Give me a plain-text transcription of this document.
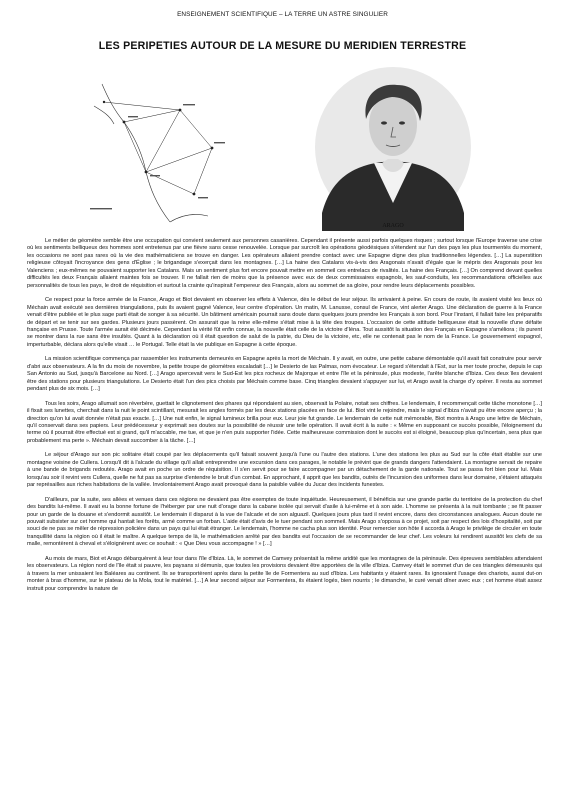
ENSEIGNEMENT SCIENTIFIQUE – LA TERRE UN ASTRE SINGULIER
LES PERIPETIES AUTOUR DE LA MESURE DU MERIDIEN TERRESTRE
ARAGO

Le métier de géomètre semble être une occupation qui convient seulement aux personnes casanières. Cependant il présente aussi parfois quelques risques ; surtout lorsque l'Europe traverse une crise où les sentiments belliqueux des hommes sont entretenus par une fièvre sans cesse renouvelée. Lorsque par surcroît les opérations géodésiques s'étendent sur l'un des pays les plus tourmentés du moment, les occasions ne sont pas rares où la vie des mathématiciens se trouve en danger. Les opérateurs allaient prendre contact avec une Espagne digne des plus traditionnelles légendes. […] La superstition religieuse côtoyait l'incroyance des gens d'Église ; le brigandage s'exerçait dans les montagnes. […] La haine des Catalans vis-à-vis des Aragonais n'avait d'égale que le mépris des Aragonais pour les Valenciens ; eux-mêmes ne pouvaient supporter les Catalans. Mais un sentiment plus fort encore pouvait mettre en sommeil ces entrelacs de rivalités. La haine des Français. […] On comprend devant quelles difficultés les deux Français allaient maintes fois se trouver. Il ne fallait rien de moins que la présence avec eux de deux commissaires espagnols, les sauf-conduits, les recommandations officielles aux personnalités de tous les pays, le droit de réquisition et surtout la crainte qu'inspirait l'empereur des Français, alors au sommet de sa gloire, pour rendre leurs déplacements possibles.

Ce respect pour la force armée de la France, Arago et Biot devaient en observer les effets à Valence, dès le début de leur séjour. Ils arrivaient à peine. En cours de route, ils avaient visité les lieux où Méchain avait exécuté ses dernières triangulations, puis ils avaient gagné Valence, leur centre d'opération. Un matin, M. Lanusse, consul de France, vint alerter Arago. Une déclaration de guerre à la France venait d'être publiée et le plus sage parti était de songer à sa sécurité. Un bâtiment américain pourrait sans doute dans quelques jours prendre les Français à son bord. Pour l'instant, il fallait faire les préparatifs de départ et se tenir sur ses gardes. Plusieurs jours passèrent. On assurait que la reine elle-même s'était mise à la tête des troupes. L'occasion de cette attitude belliqueuse était la nouvelle d'une défaite française en Prusse. Toute l'armée aurait été décimée. Cependant la vérité fût enfin connue, la nouvelle était celle de la victoire d'Iéna. Tout aussitôt la situation des Français en Espagne s'améliora ; ils purent se montrer dans la rue sans être insultés. Quant à la déclaration où il était question de salut de la patrie, du Dieu de la victoire, etc, elle ne contenait pas le nom de la France. Le gouvernement espagnol, imperturbable, déclara alors qu'elle visait … le Portugal. Telle était la vie publique en Espagne à cette époque.

La mission scientifique commença par rassembler les instruments demeurés en Espagne après la mort de Méchain. Il y avait, en outre, une petite cabane démontable qu'il avait fait construire pour servir d'abri aux observateurs. A la fin du mois de novembre, la petite troupe de géomètres escaladait […] le Desierto de las Palmas, nom évocateur. Le regard s'étendait à l'Est, sur la mer toute proche, depuis le cap San Antonio au Sud, jusqu'à Barcelone au Nord. […] Arago apercevait vers le Sud-Est les pics rocheux de Majorque et entre l'île et la péninsule, plus modeste, l'arête blanche d'Ibiza. Ces deux îles devaient être des stations pour plusieurs triangulations. Le Desierto était l'un des pics choisis par Méchain comme base. Cinq triangles devaient s'appuyer sur lui, et Arago avait la charge d'y opérer. Il resta au sommet pendant plus de six mois. […]

Tous les soirs, Arago allumait son réverbère, guettait le clignotement des phares qui répondaient au sien, observait la Polaire, notait ses chiffres. Le lendemain, il recommençait cette tâche monotone […] il fixait ses lunettes, cherchait dans la nuit le point scintillant, mesurait les angles formés par les deux stations placées en face de lui. Biot vint le rejoindre, mais le signal d'Ibiza n'avait pu être encore aperçu ; la direction qu'on lui avait donnée n'était pas exacte. […] Une nuit enfin, le signal lumineux brilla pour eux. Leur joie fut grande. Le lendemain de cette nuit mémorable, Biot montra à Arago une lettre de Méchain, qu'il conservait dans ses papiers. Leur prédécesseur y exprimait ses doutes sur la possibilité de réussir une telle opération. Il avait écrit à la suite : « Même en supposant ce succès possible, l'éloignement du terme où il pourrait être effectué est si grand, qu'il m'accable, me tue, et que je n'en puis supporter l'idée. Cette malheureuse commission dont le succès est si éloigné, beaucoup plus qu'incertain, sera plus que probablement ma perte ». Méchain devait succomber à la tâche. […]

Le séjour d'Arago sur son pic solitaire était coupé par les déplacements qu'il faisait souvent jusqu'à l'une ou l'autre des stations. L'une des stations les plus au Sud sur la côte était établie sur une montagne voisine de Cullera. Lorsqu'il dit à l'alcade du village qu'il allait entreprendre une excursion dans ces parages, le notable le prévint que de grands dangers l'attendaient. La montagne servait de repaire à une bande de brigands redoutés. Arago avait en poche un ordre de réquisition. Il s'en servit pour se faire accompagner par un détachement de la garde nationale. Tout se passa fort bien pour lui. Mais lorsqu'au soir il revint vers Cullera, quelle ne fut pas sa surprise d'entendre le bruit d'un combat. En approchant, il apprit que les bandits, outrés de l'incursion des uniformes dans leur domaine, s'étaient attaqués par représailles aux riches habitations de la vallée. Involontairement Arago avait provoqué dans la paisible vallée du Jucar des incidents funestes.

D'ailleurs, par la suite, ses allées et venues dans ces régions ne devaient pas être exemptes de toute inquiétude. Heureusement, il bénéficia sur une grande partie du territoire de la protection du chef des bandits lui-même. Il avait eu la bonne fortune de l'héberger par une nuit d'orage dans la cabane isolée qui servait d'asile à lui-même et à son aide. L'homme se présenta à la nuit tombante ; se fit passer pour un garde de la douane et s'endormit aussitôt. Le lendemain il disparut à la vue de l'alcade et de son alguazil. Quelques jours plus tard il revint encore, dans des circonstances analogues. Aucun doute ne pouvait subsister sur cet homme qui hantait les forêts, armé comme un forban. L'aide était d'avis de le tuer pendant son sommeil. Mais Arago s'opposa à ce projet, soit par respect des lois d'hospitalité, soit par souci de ne pas se mêler de répression policière dans un pays qui lui était étranger. Le lendemain, l'homme ne cacha plus son identité. Pour remercier son hôte il accorda à Arago le privilège de circuler en toute tranquillité dans la région où il était le maître. A quelque temps de là, le mathématicien arrêté par des bandits eut l'occasion de se recommander de leur chef. Les voleurs lui rendirent aussitôt les clefs de sa malle, remontèrent à cheval et s'éloignèrent avec ce souhait : « Que Dieu vous accompagne ! » […]

Au mois de mars, Biot et Arago débarquèrent à leur tour dans l'île d'Ibiza. Là, le sommet de Camvey présentait la même aridité que les montagnes de la péninsule. Des épreuves semblables attendaient les observateurs. La région nord de l'île était si pauvre, les paysans si démunis, que toutes les provisions devaient être apportées de la ville d'Ibiza. Camvey était le sommet d'un de ces triangles démesurés qui à travers la mer unissaient les Baléares au continent. Ils se transportèrent après dans la petite île de Formentera au sud d'Ibiza. Les habitants y étaient rares. Ils ignoraient l'usage des chariots, aussi dut-on monter à bras d'homme, sur le plateau de la Mola, tout le matériel. […] A leur second séjour sur Formentera, ils étaient logés, bien nourris ; le dimanche, le curé venait dîner avec eux ; cet homme était assez instruit pour comprendre la nature de
